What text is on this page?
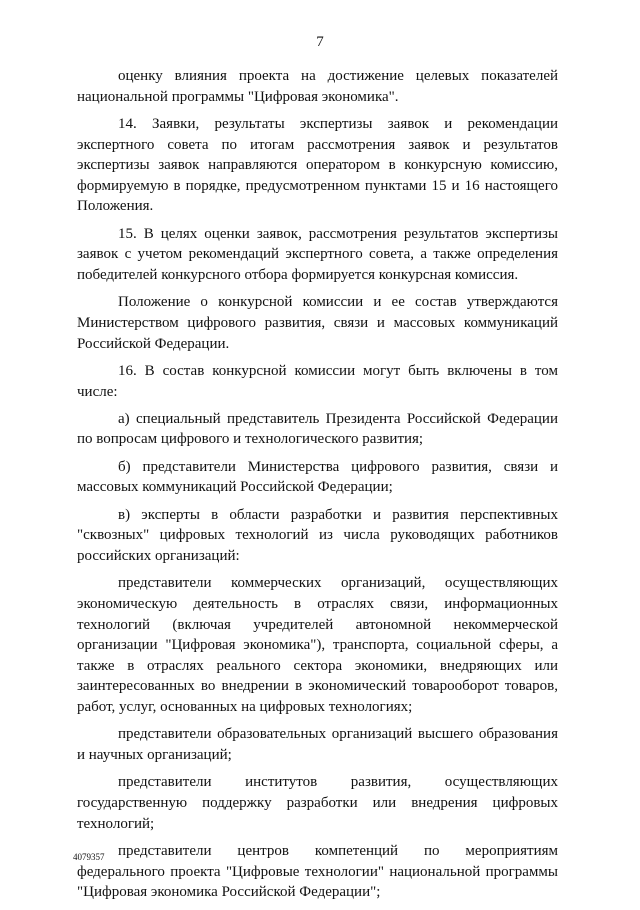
7

оценку влияния проекта на достижение целевых показателей национальной программы "Цифровая экономика".

14. Заявки, результаты экспертизы заявок и рекомендации экспертного совета по итогам рассмотрения заявок и результатов экспертизы заявок направляются оператором в конкурсную комиссию, формируемую в порядке, предусмотренном пунктами 15 и 16 настоящего Положения.

15. В целях оценки заявок, рассмотрения результатов экспертизы заявок с учетом рекомендаций экспертного совета, а также определения победителей конкурсного отбора формируется конкурсная комиссия.

Положение о конкурсной комиссии и ее состав утверждаются Министерством цифрового развития, связи и массовых коммуникаций Российской Федерации.

16. В состав конкурсной комиссии могут быть включены в том числе:

а) специальный представитель Президента Российской Федерации по вопросам цифрового и технологического развития;

б) представители Министерства цифрового развития, связи и массовых коммуникаций Российской Федерации;

в) эксперты в области разработки и развития перспективных "сквозных" цифровых технологий из числа руководящих работников российских организаций:

представители коммерческих организаций, осуществляющих экономическую деятельность в отраслях связи, информационных технологий (включая учредителей автономной некоммерческой организации "Цифровая экономика"), транспорта, социальной сферы, а также в отраслях реального сектора экономики, внедряющих или заинтересованных во внедрении в экономический товарооборот товаров, работ, услуг, основанных на цифровых технологиях;

представители образовательных организаций высшего образования и научных организаций;

представители институтов развития, осуществляющих государственную поддержку разработки или внедрения цифровых технологий;

представители центров компетенций по мероприятиям федерального проекта "Цифровые технологии" национальной программы "Цифровая экономика Российской Федерации";

4079357
